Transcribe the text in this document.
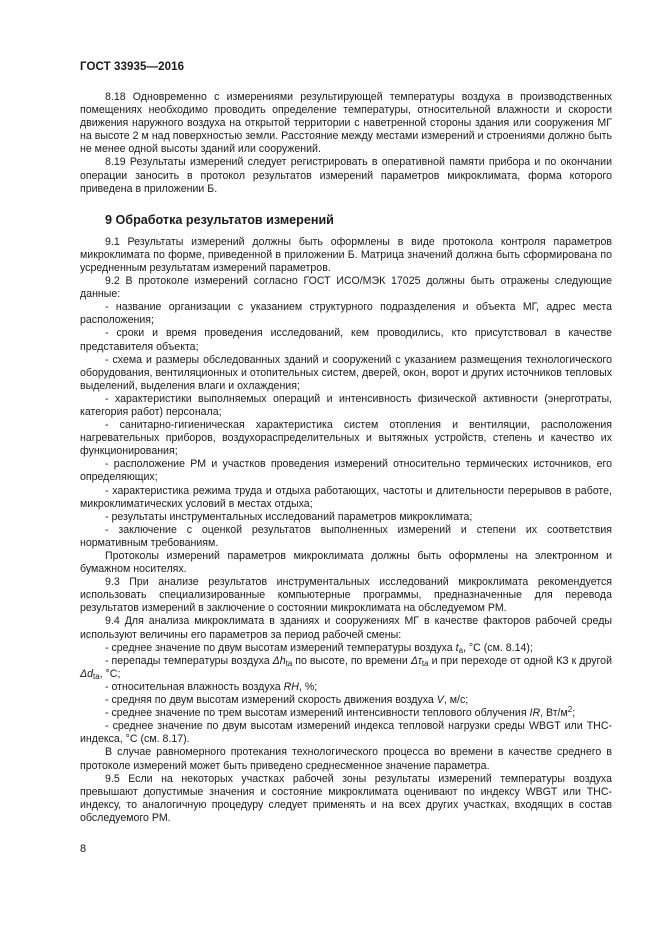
ГОСТ 33935—2016

8.18 Одновременно с измерениями результирующей температуры воздуха в производственных помещениях необходимо проводить определение температуры, относительной влажности и скорости движения наружного воздуха на открытой территории с наветренной стороны здания или сооружения МГ на высоте 2 м над поверхностью земли. Расстояние между местами измерений и строениями должно быть не менее одной высоты зданий или сооружений.

8.19 Результаты измерений следует регистрировать в оперативной памяти прибора и по окончании операции заносить в протокол результатов измерений параметров микроклимата, форма которого приведена в приложении Б.

9 Обработка результатов измерений

9.1 Результаты измерений должны быть оформлены в виде протокола контроля параметров микроклимата по форме, приведенной в приложении Б. Матрица значений должна быть сформирована по усредненным результатам измерений параметров.

9.2 В протоколе измерений согласно ГОСТ ИСО/МЭК 17025 должны быть отражены следующие данные:

- название организации с указанием структурного подразделения и объекта МГ, адрес места расположения;

- сроки и время проведения исследований, кем проводились, кто присутствовал в качестве представителя объекта;

- схема и размеры обследованных зданий и сооружений с указанием размещения технологического оборудования, вентиляционных и отопительных систем, дверей, окон, ворот и других источников тепловых выделений, выделения влаги и охлаждения;

- характеристики выполняемых операций и интенсивность физической активности (энерготраты, категория работ) персонала;

- санитарно-гигиеническая характеристика систем отопления и вентиляции, расположения нагревательных приборов, воздухораспределительных и вытяжных устройств, степень и качество их функционирования;

- расположение РМ и участков проведения измерений относительно термических источников, его определяющих;

- характеристика режима труда и отдыха работающих, частоты и длительности перерывов в работе, микроклиматических условий в местах отдыха;

- результаты инструментальных исследований параметров микроклимата;

- заключение с оценкой результатов выполненных измерений и степени их соответствия нормативным требованиям.

Протоколы измерений параметров микроклимата должны быть оформлены на электронном и бумажном носителях.

9.3 При анализе результатов инструментальных исследований микроклимата рекомендуется использовать специализированные компьютерные программы, предназначенные для перевода результатов измерений в заключение о состоянии микроклимата на обследуемом РМ.

9.4 Для анализа микроклимата в зданиях и сооружениях МГ в качестве факторов рабочей среды используют величины его параметров за период рабочей смены:

- среднее значение по двум высотам измерений температуры воздуха $t_а$, °С (см. 8.14);

- перепады температуры воздуха $\Delta h_{ta}$ по высоте, по времени $\Delta\tau_{ta}$ и при переходе от одной КЗ к другой $\Delta d_{ta}$, °С;

- относительная влажность воздуха RH, %;

- средняя по двум высотам измерений скорость движения воздуха V, м/с;

- среднее значение по трем высотам измерений интенсивности теплового облучения IR, $Вт/м^2$;

- среднее значение по двум высотам измерений индекса тепловой нагрузки среды WBGT или ТНС-индекса, °С (см. 8.17).

В случае равномерного протекания технологического процесса во времени в качестве среднего в протоколе измерений может быть приведено среднесменное значение параметра.

9.5 Если на некоторых участках рабочей зоны результаты измерений температуры воздуха превышают допустимые значения и состояние микроклимата оценивают по индексу WBGT или ТНС-индексу, то аналогичную процедуру следует применять и на всех других участках, входящих в состав обследуемого РМ.

8
